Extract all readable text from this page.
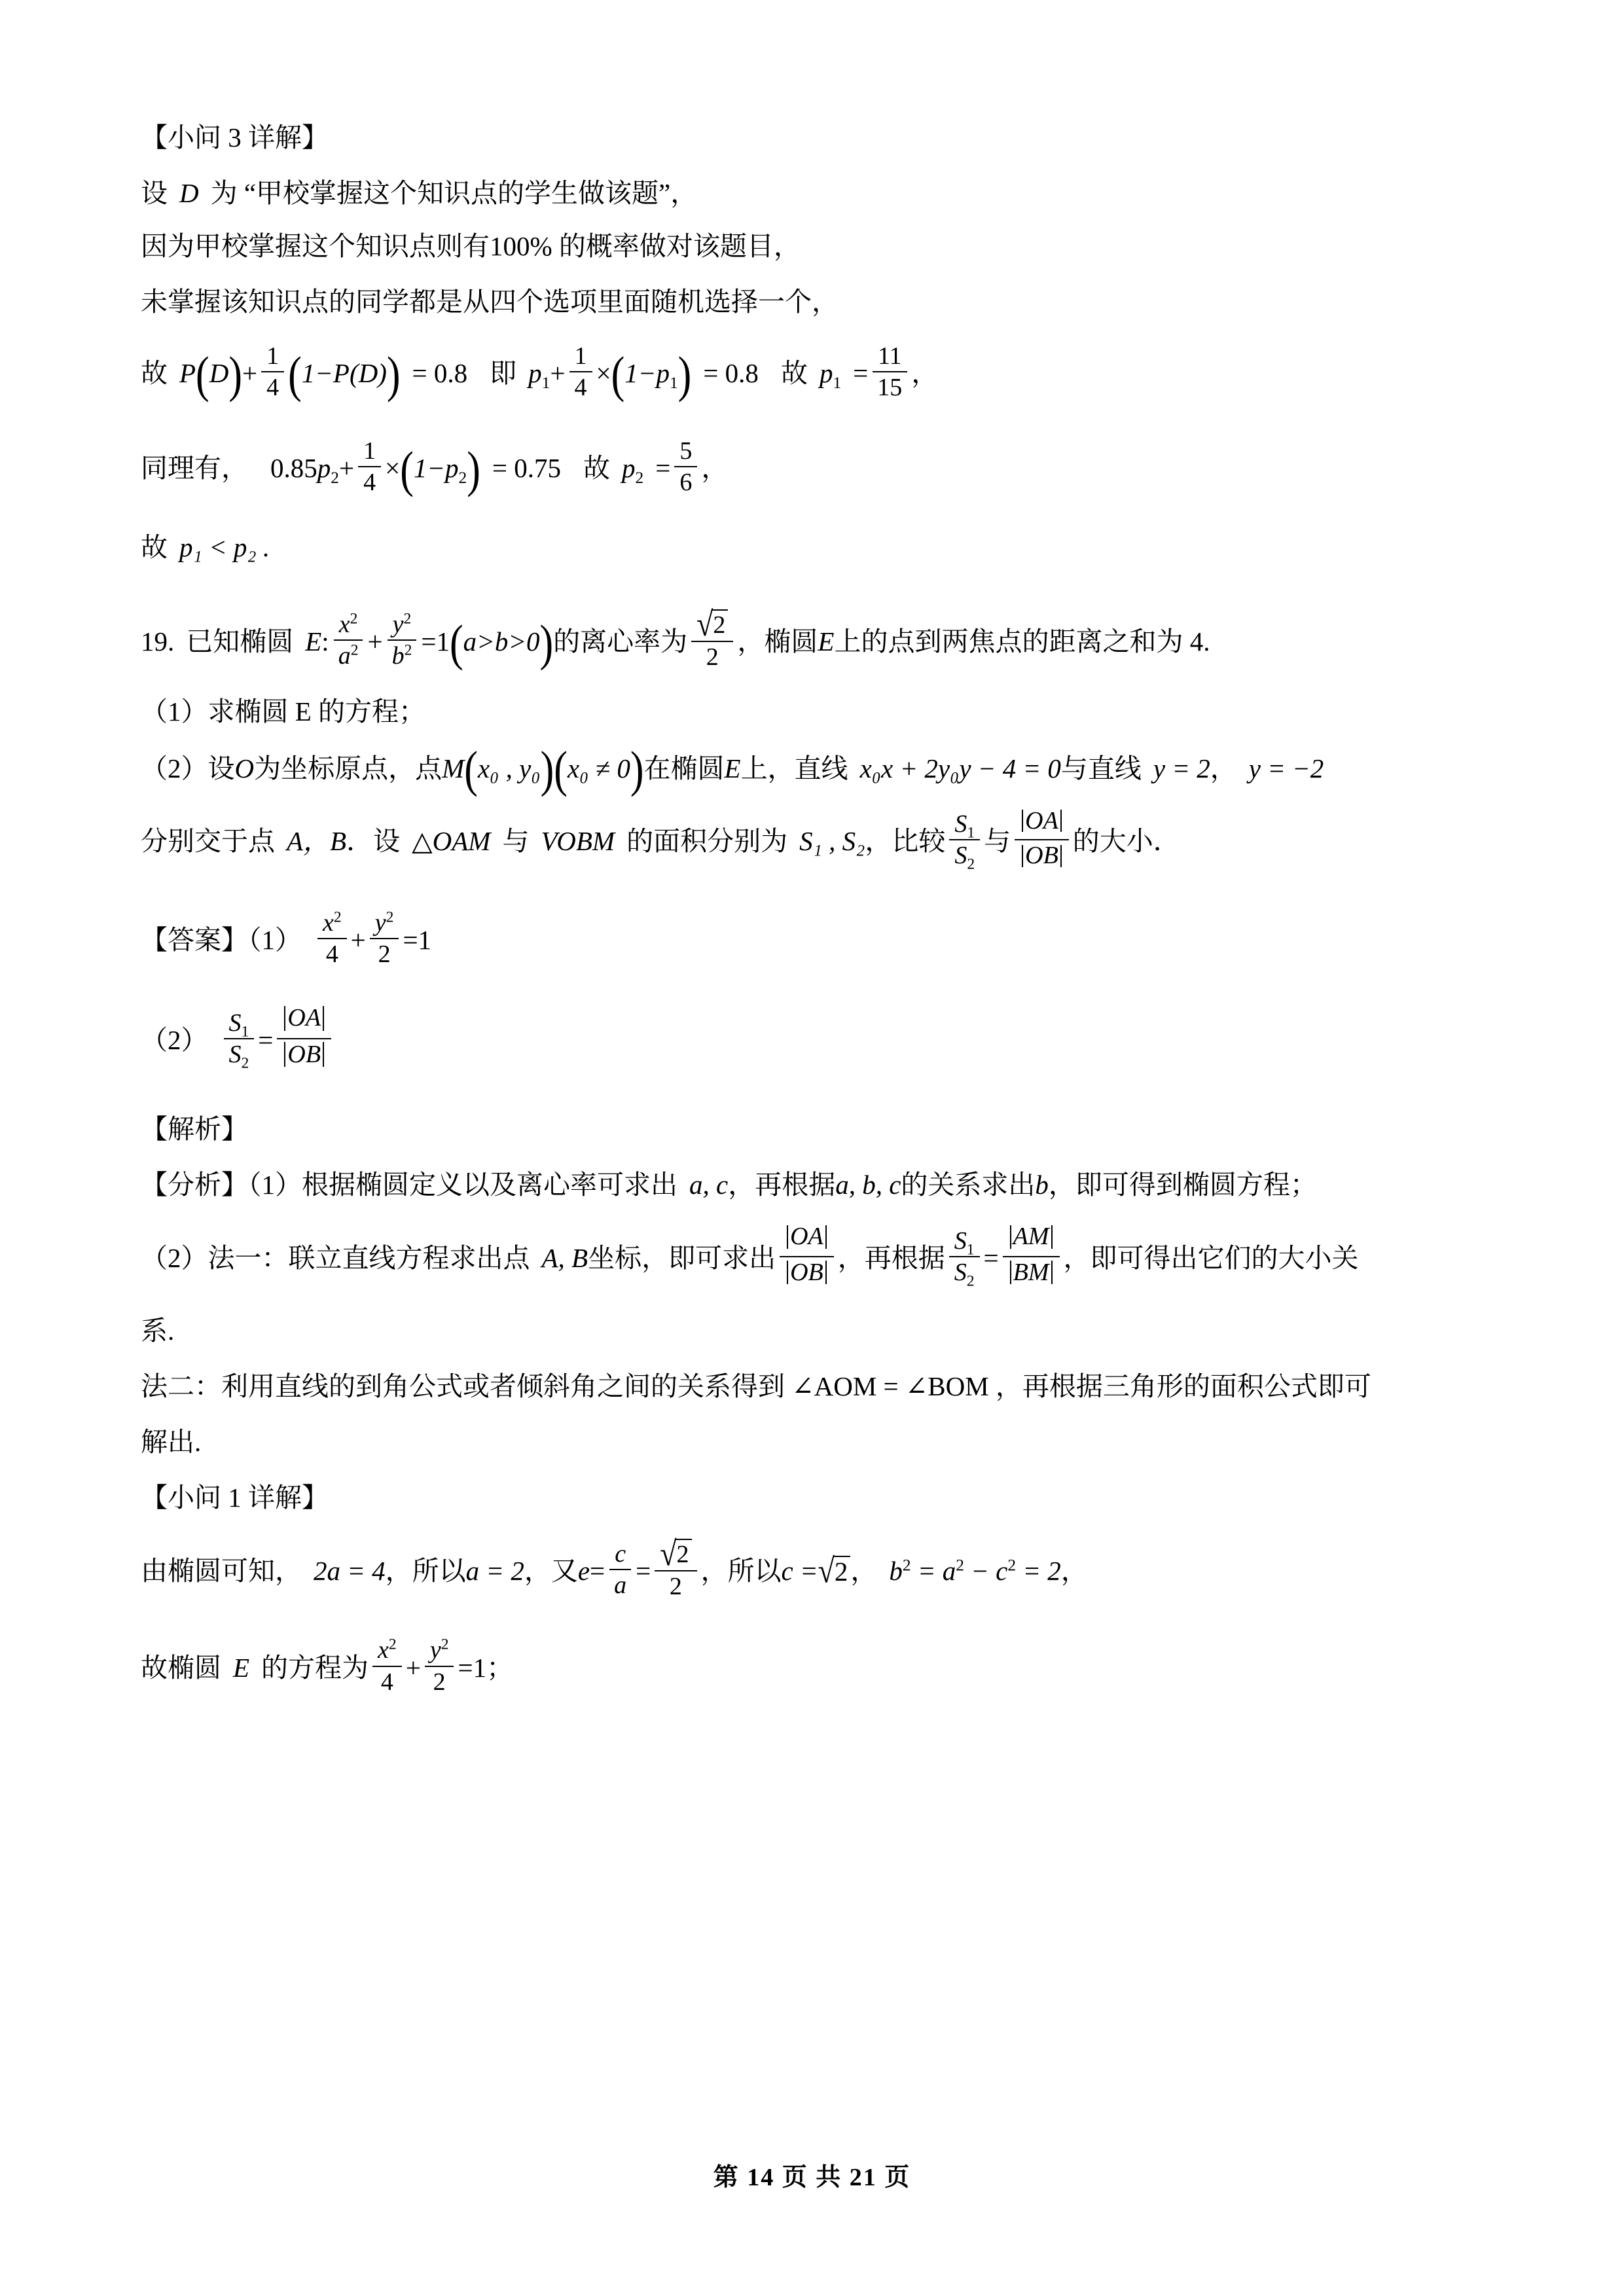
【小问 3 详解】
设 D 为 “甲校掌握这个知识点的学生做该题”，
因为甲校掌握这个知识点则有100% 的概率做对该题目，
未掌握该知识点的同学都是从四个选项里面随机选择一个，
故 P ( D ) + $\frac{1}{4}$ ( 1−P(D) ) = 0.8 即 $p_1 + \frac{1}{4}$ × ( $1-p_1$ ) = 0.8 故 $p_1 = \frac{11}{15}$ ，
同理有， 0.85 $p_2 + \frac{1}{4}$ × ( $1-p_2$ ) = 0.75 故 $p_2 = \frac{5}{6}$ ，
故 p₁ < p₂ .
19. 已知椭圆 E : $\frac{x^2}{a^2} + \frac{y^2}{b^2} =1$ ( a>b>0 ) 的离心率为 $\frac{√ 2}{2}$ ，椭圆 E 上的点到两焦点的距离之和为 4.
（1）求椭圆 E 的方程；
（2）设 O 为坐标原点，点 M ( x₀ , y₀ ) ( x₀ ≠ 0 ) 在椭圆 E 上，直线 x₀x + 2y₀y − 4 = 0 与直线 y = 2 ， y = −2
分别交于点 A，B ．设 △OAM 与 VOBM 的面积分别为 S₁ , S₂ ，比较 $\frac{S_1}{S_2}$ 与 $\frac{OA}{OB}$ 的大小．
【答案】$(1) \frac{x^2}{4} + \frac{y^2}{2} =1$
$(2) \frac{S_1}{S_2} = \frac{OA}{OB}$
【解析】
【分析】（1）根据椭圆定义以及离心率可求出 a, c ，再根据 a, b, c 的关系求出 b ，即可得到椭圆方程；
（2）法一：联立直线方程求出点 A, B 坐标，即可求出 $\frac{OA}{OB}$ ，再根据 $\frac{S_1}{S_2} = \frac{AM}{BM}$ ，即可得出它们的大小关
系.
法二：利用直线的到角公式或者倾斜角之间的关系得到 ∠AOM = ∠BOM ，再根据三角形的面积公式即可
解出.
【小问 1 详解】
由椭圆可知， 2a = 4 ，所以 a = 2 ，又 $e = \frac{c}{a} = \frac{√ 2}{2}$ ，所以 c = √ 2 ， $b^2 = a^2 - c^2 = 2$ ，
故椭圆 E 的方程为 $\frac{x^2}{4} + \frac{y^2}{2} =1$；
第 14 页 共 21 页
